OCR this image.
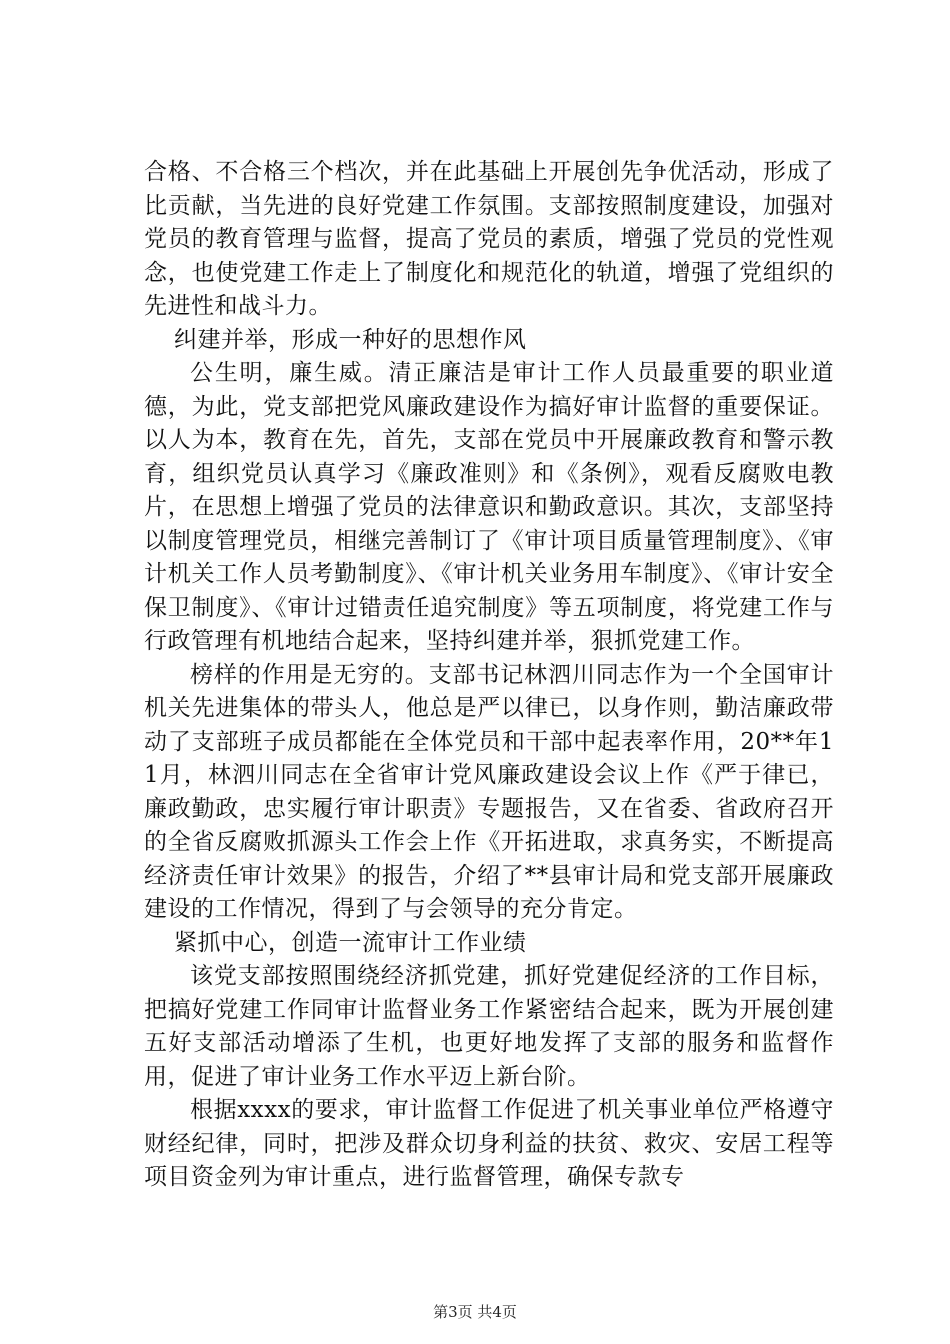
合格、不合格三个档次，并在此基础上开展创先争优活动，形成了比贡献，当先进的良好党建工作氛围。支部按照制度建设，加强对党员的教育管理与监督，提高了党员的素质，增强了党员的党性观念，也使党建工作走上了制度化和规范化的轨道，增强了党组织的先进性和战斗力。

纠建并举，形成一种好的思想作风

公生明，廉生威。清正廉洁是审计工作人员最重要的职业道德，为此，党支部把党风廉政建设作为搞好审计监督的重要保证。以人为本，教育在先，首先，支部在党员中开展廉政教育和警示教育，组织党员认真学习《廉政准则》和《条例》，观看反腐败电教片，在思想上增强了党员的法律意识和勤政意识。其次，支部坚持以制度管理党员，相继完善制订了《审计项目质量管理制度》、《审计机关工作人员考勤制度》、《审计机关业务用车制度》、《审计安全保卫制度》、《审计过错责任追究制度》等五项制度，将党建工作与行政管理有机地结合起来，坚持纠建并举，狠抓党建工作。

榜样的作用是无穷的。支部书记林泗川同志作为一个全国审计机关先进集体的带头人，他总是严以律已，以身作则，勤洁廉政带动了支部班子成员都能在全体党员和干部中起表率作用，20**年11月，林泗川同志在全省审计党风廉政建设会议上作《严于律已，廉政勤政，忠实履行审计职责》专题报告，又在省委、省政府召开的全省反腐败抓源头工作会上作《开拓进取，求真务实，不断提高经济责任审计效果》的报告，介绍了**县审计局和党支部开展廉政建设的工作情况，得到了与会领导的充分肯定。

紧抓中心，创造一流审计工作业绩

该党支部按照围绕经济抓党建，抓好党建促经济的工作目标，把搞好党建工作同审计监督业务工作紧密结合起来，既为开展创建五好支部活动增添了生机，也更好地发挥了支部的服务和监督作用，促进了审计业务工作水平迈上新台阶。

根据xxxx的要求，审计监督工作促进了机关事业单位严格遵守财经纪律，同时，把涉及群众切身利益的扶贫、救灾、安居工程等项目资金列为审计重点，进行监督管理，确保专款专

第3页 共4页
